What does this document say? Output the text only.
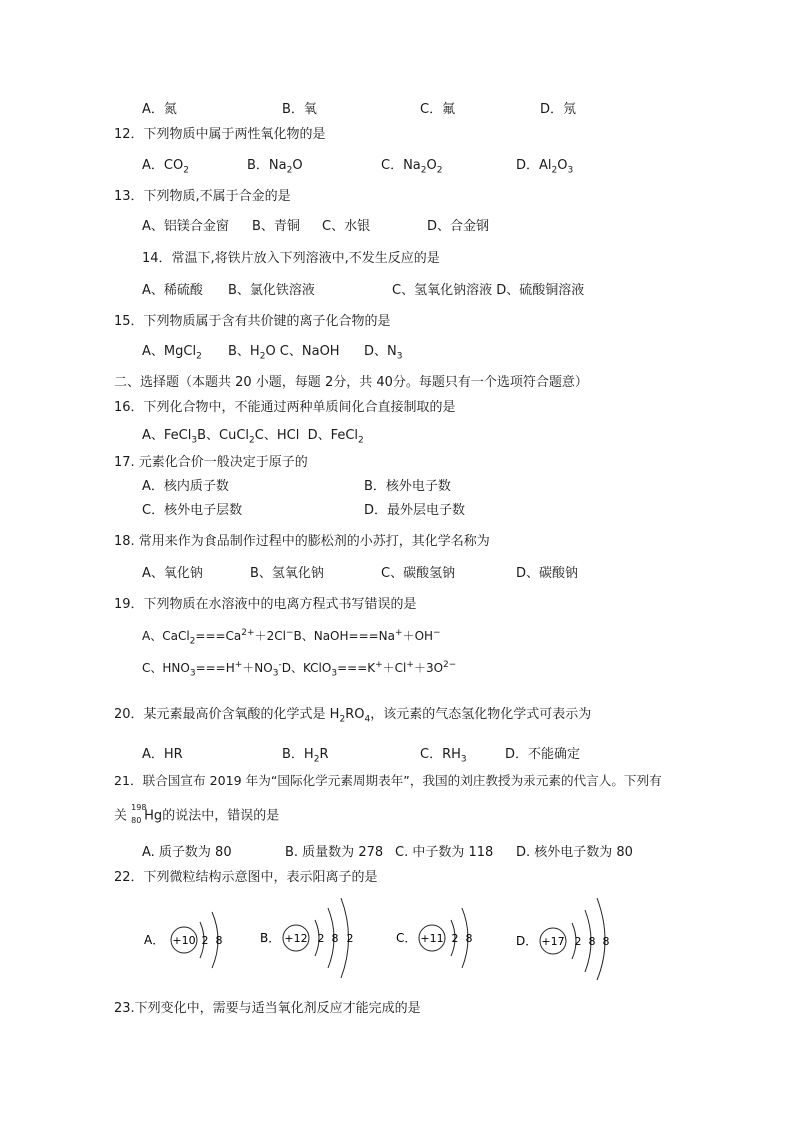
A．氮	B．氧	C．氟	D．氖
12．下列物质中属于两性氧化物的是
A．$CO_2$	B．$Na_2O$	C．$Na_2O_2$	D．$Al_2O_3$
13．下列物质,不属于合金的是
A、铝镁合金窗 B、青铜 C、水银	D、合金钢
14．常温下,将铁片放入下列溶液中,不发生反应的是
A、稀硫酸 B、氯化铁溶液	C、氢氧化钠溶液 D、硫酸铜溶液
15．下列物质属于含有共价键的离子化合物的是
A、MgCl$_2$ B、$H_2O$ C、NaOH D、$N_3$
二、选择题（本题共 20 小题，每题 2分，共 40分。每题只有一个选项符合题意）
16．下列化合物中，不能通过两种单质间化合直接制取的是
A、FeCl$_3$B、CuCl$_2$C、HCl D、FeCl$_2$
17. 元素化合价一般决定于原子的
A．核内质子数	B．核外电子数
C．核外电子层数	D．最外层电子数
18. 常用来作为食品制作过程中的膨松剂的小苏打，其化学名称为
A、氧化钠	B、氢氧化钠	C、碳酸氢钠	D、碳酸钠
19．下列物质在水溶液中的电离方程式书写错误的是
A、$CaCl_2===Ca^{2+}+2Cl^-B$、NaOH===Na+＋OH−
C、$HNO_3===H^++NO_3^-D$、$KClO_3===K^++Cl^++3O^{2-}$
20．某元素最高价含氧酸的化学式是 $H_2RO_4$，该元素的气态氢化物化学式可表示为
A．HR	B．$H_2R$	C．$RH_3$	D．不能确定
21．联合国宣布 2019 年为“国际化学元素周期表年”，我国的刘庄教授为汞元素的代言人。下列有
关
198
80 Hg的说法中，错误的是
A. 质子数为 80	B. 质量数为 278 C. 中子数为 118 D. 核外电子数为 80
22．下列微粒结构示意图中，表示阳离子的是
A． +10 2 8	B． +12 2 8 2	C． +11 2 8	D． +17 2 8 8
23.下列变化中，需要与适当氧化剂反应才能完成的是
